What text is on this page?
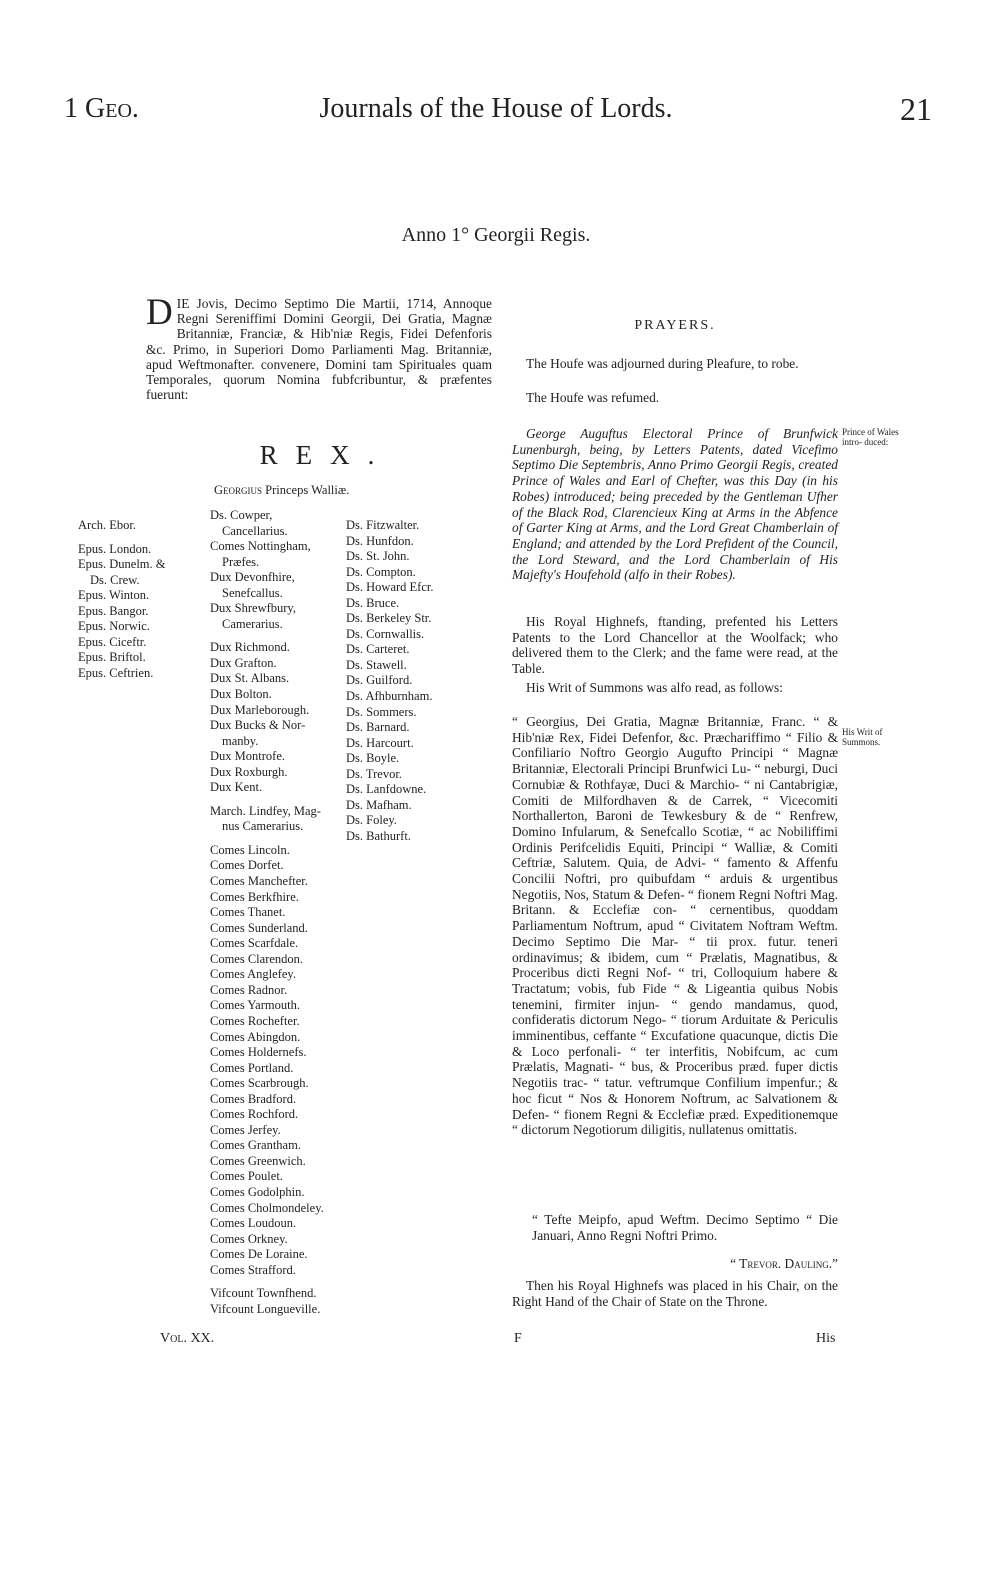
1 Geo.	Journals of the House of Lords.	21
Anno 1° Georgii Regis.
D IE Jovis, Decimo Septimo Die Martii, 1714, Annoque Regni Sereniffimi Domini Georgii, Dei Gratia, Magnæ Britanniæ, Franciæ, & Hib'niæ Regis, Fidei Defenforis &c. Primo, in Superiori Domo Parliamenti Mag. Britanniæ, apud Weftmonafter. convenere, Domini tam Spirituales quam Temporales, quorum Nomina fubfcribuntur, & præfentes fuerunt:
REX.
Georgius Princeps Walliæ.
Arch. Ebor.
Epus. London.
Epus. Dunelm. &
Ds. Crew.
Epus. Winton.
Epus. Bangor.
Epus. Norwic.
Epus. Ciceftr.
Epus. Briftol.
Epus. Ceftrien.
Ds. Cowper,
Cancellarius.
Comes Nottingham,
Præfes.
Dux Devonfhire,
Senefcallus.
Dux Shrewfbury,
Camerarius.
Dux Richmond.
Dux Grafton.
Dux St. Albans.
Dux Bolton.
Dux Marleborough.
Dux Bucks & Nor-
manby.
Dux Montrofe.
Dux Roxburgh.
Dux Kent.
March. Lindfey, Mag-
nus Camerarius.
Comes Lincoln.
Comes Dorfet.
Comes Manchefter.
Comes Berkfhire.
Comes Thanet.
Comes Sunderland.
Comes Scarfdale.
Comes Clarendon.
Comes Anglefey.
Comes Radnor.
Comes Yarmouth.
Comes Rochefter.
Comes Abingdon.
Comes Holdernefs.
Comes Portland.
Comes Scarbrough.
Comes Bradford.
Comes Rochford.
Comes Jerfey.
Comes Grantham.
Comes Greenwich.
Comes Poulet.
Comes Godolphin.
Comes Cholmondeley.
Comes Loudoun.
Comes Orkney.
Comes De Loraine.
Comes Strafford.
Vifcount Townfhend.
Vifcount Longueville.
Ds. Fitzwalter.
Ds. Hunfdon.
Ds. St. John.
Ds. Compton.
Ds. Howard Efcr.
Ds. Bruce.
Ds. Berkeley Str.
Ds. Cornwallis.
Ds. Carteret.
Ds. Stawell.
Ds. Guilford.
Ds. Afhburnham.
Ds. Sommers.
Ds. Barnard.
Ds. Harcourt.
Ds. Boyle.
Ds. Trevor.
Ds. Lanfdowne.
Ds. Mafham.
Ds. Foley.
Ds. Bathurft.
PRAYERS.

The Houfe was adjourned during Pleafure, to robe.

The Houfe was refumed.

George Auguftus Electoral Prince of Brunfwick Lunenburgh, being, by Letters Patents, dated Vicefimo Septimo Die Septembris, Anno Primo Georgii Regis, created Prince of Wales and Earl of Chefter, was this Day (in his Robes) introduced; being preceded by the Gentleman Ufher of the Black Rod, Clarencieux King at Arms in the Abfence of Garter King at Arms, and the Lord Great Chamberlain of England; and attended by the Lord Prefident of the Council, the Lord Steward, and the Lord Chamberlain of His Majefty's Houfehold (alfo in their Robes).

His Royal Highnefs, ftanding, prefented his Letters Patents to the Lord Chancellor at the Woolfack; who delivered them to the Clerk; and the fame were read, at the Table.

His Writ of Summons was alfo read, as follows:

“ Georgius, Dei Gratia, Magnæ Britanniæ, Franc. “ & Hib'niæ Rex, Fidei Defenfor, &c. Præchariffimo “ Filio & Confiliario Noftro Georgio Augufto Principi “ Magnæ Britanniæ, Electorali Principi Brunfwici Lu- “ neburgi, Duci Cornubiæ & Rothfayæ, Duci & Marchio- “ ni Cantabrigiæ, Comiti de Milfordhaven & de Carrek, “ Vicecomiti Northallerton, Baroni de Tewkesbury & de “ Renfrew, Domino Infularum, & Senefcallo Scotiæ, “ ac Nobiliffimi Ordinis Perifcelidis Equiti, Principi “ Walliæ, & Comiti Ceftriæ, Salutem. Quia, de Advi- “ famento & Affenfu Concilii Noftri, pro quibufdam “ arduis & urgentibus Negotiis, Nos, Statum & Defen- “ fionem Regni Noftri Mag. Britann. & Ecclefiæ con- “ cernentibus, quoddam Parliamentum Noftrum, apud “ Civitatem Noftram Weftm. Decimo Septimo Die Mar- “ tii prox. futur. teneri ordinavimus; & ibidem, cum “ Prælatis, Magnatibus, & Proceribus dicti Regni Nof- “ tri, Colloquium habere & Tractatum; vobis, fub Fide “ & Ligeantia quibus Nobis tenemini, firmiter injun- “ gendo mandamus, quod, confideratis dictorum Nego- “ tiorum Arduitate & Periculis imminentibus, ceffante “ Excufatione quacunque, dictis Die & Loco perfonali- “ ter interfitis, Nobifcum, ac cum Prælatis, Magnati- “ bus, & Proceribus præd. fuper dictis Negotiis trac- “ tatur. veftrumque Confilium impenfur.; & hoc ficut “ Nos & Honorem Noftrum, ac Salvationem & Defen- “ fionem Regni & Ecclefiæ præd. Expeditionemque “ dictorum Negotiorum diligitis, nullatenus omittatis.

“ Tefte Meipfo, apud Weftm. Decimo Septimo “ Die Januari, Anno Regni Noftri Primo.

“ Trevor. Dauling.”

Then his Royal Highnefs was placed in his Chair, on the Right Hand of the Chair of State on the Throne.

Prince of Wales intro- duced:
His Writ of Summons.
Vol. XX.	F	His
